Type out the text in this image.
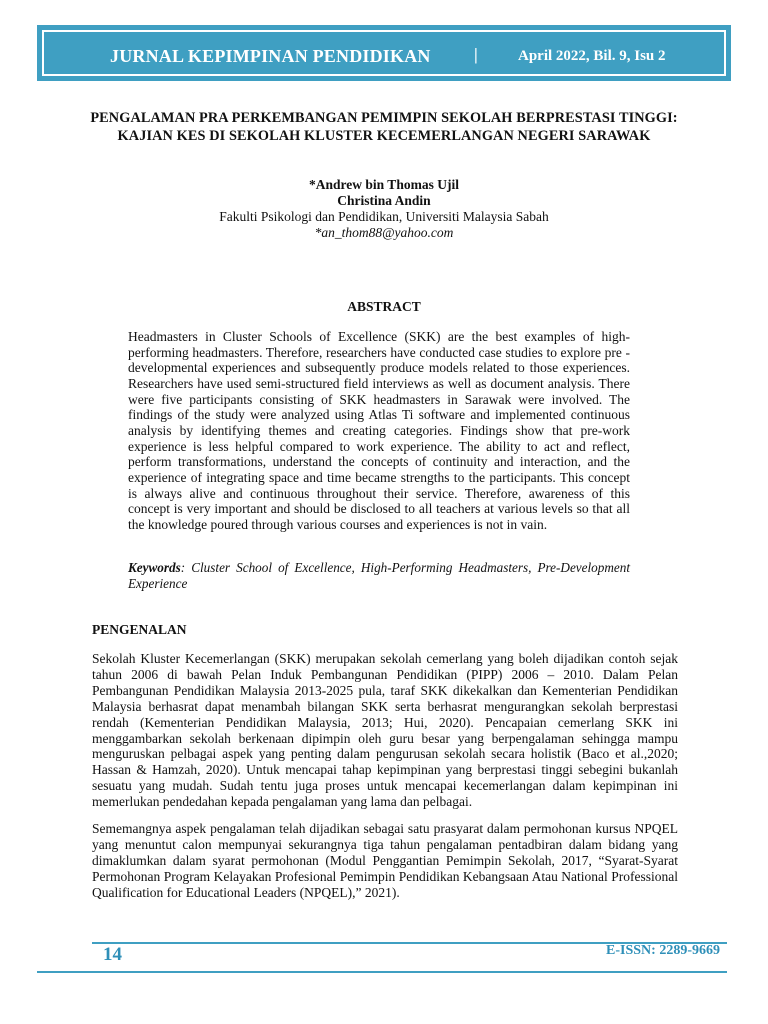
JURNAL KEPIMPINAN PENDIDIKAN	|	April 2022, Bil. 9, Isu 2
PENGALAMAN PRA PERKEMBANGAN PEMIMPIN SEKOLAH BERPRESTASI TINGGI: KAJIAN KES DI SEKOLAH KLUSTER KECEMERLANGAN NEGERI SARAWAK
*Andrew bin Thomas Ujil
Christina Andin
Fakulti Psikologi dan Pendidikan, Universiti Malaysia Sabah
*an_thom88@yahoo.com
ABSTRACT

Headmasters in Cluster Schools of Excellence (SKK) are the best examples of high-performing headmasters. Therefore, researchers have conducted case studies to explore pre -developmental experiences and subsequently produce models related to those experiences. Researchers have used semi-structured field interviews as well as document analysis. There were five participants consisting of SKK headmasters in Sarawak were involved. The findings of the study were analyzed using Atlas Ti software and implemented continuous analysis by identifying themes and creating categories. Findings show that pre-work experience is less helpful compared to work experience. The ability to act and reflect, perform transformations, understand the concepts of continuity and interaction, and the experience of integrating space and time became strengths to the participants. This concept is always alive and continuous throughout their service. Therefore, awareness of this concept is very important and should be disclosed to all teachers at various levels so that all the knowledge poured through various courses and experiences is not in vain.

Keywords: Cluster School of Excellence, High-Performing Headmasters, Pre-Development Experience

PENGENALAN

Sekolah Kluster Kecemerlangan (SKK) merupakan sekolah cemerlang yang boleh dijadikan contoh sejak tahun 2006 di bawah Pelan Induk Pembangunan Pendidikan (PIPP) 2006 – 2010. Dalam Pelan Pembangunan Pendidikan Malaysia 2013-2025 pula, taraf SKK dikekalkan dan Kementerian Pendidikan Malaysia berhasrat dapat menambah bilangan SKK serta berhasrat mengurangkan sekolah berprestasi rendah (Kementerian Pendidikan Malaysia, 2013; Hui, 2020). Pencapaian cemerlang SKK ini menggambarkan sekolah berkenaan dipimpin oleh guru besar yang berpengalaman sehingga mampu menguruskan pelbagai aspek yang penting dalam pengurusan sekolah secara holistik (Baco et al.,2020; Hassan & Hamzah, 2020). Untuk mencapai tahap kepimpinan yang berprestasi tinggi sebegini bukanlah sesuatu yang mudah. Sudah tentu juga proses untuk mencapai kecemerlangan dalam kepimpinan ini memerlukan pendedahan kepada pengalaman yang lama dan pelbagai.

Sememangnya aspek pengalaman telah dijadikan sebagai satu prasyarat dalam permohonan kursus NPQEL yang menuntut calon mempunyai sekurangnya tiga tahun pengalaman pentadbiran dalam bidang yang dimaklumkan dalam syarat permohonan (Modul Penggantian Pemimpin Sekolah, 2017, “Syarat-Syarat Permohonan Program Kelayakan Profesional Pemimpin Pendidikan Kebangsaan Atau National Professional Qualification for Educational Leaders (NPQEL),” 2021).

14	E-ISSN: 2289-9669
